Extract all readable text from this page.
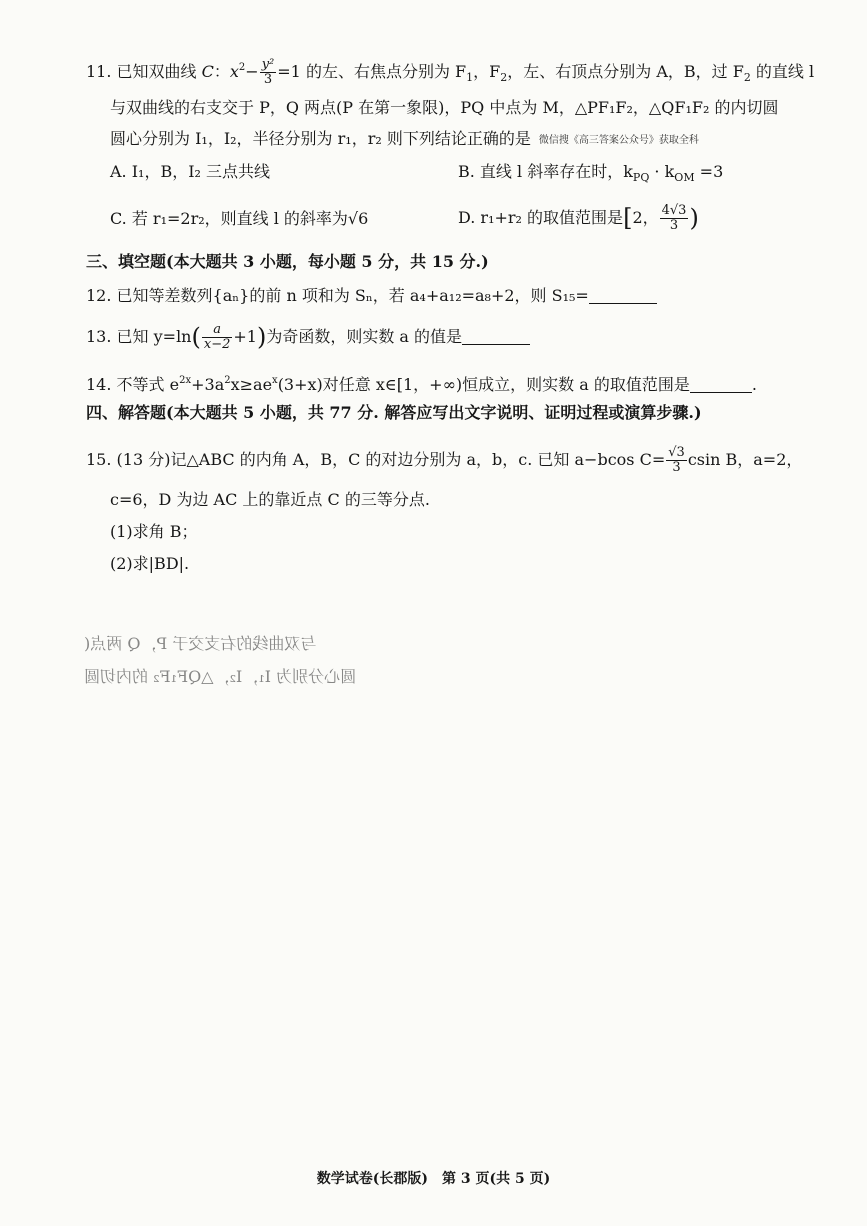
11. 已知双曲线 C：$x^2- \frac{\text{y²}}{3} =1$ 的左、右焦点分别为 $F_1$，$F_2$，左、右顶点分别为 A，B，过 $F_2$ 的直线 l
与双曲线的右支交于 P，Q 两点(P 在第一象限)，PQ 中点为 M，△PF₁F₂，△QF₁F₂ 的内切圆
圆心分别为 I₁，I₂，半径分别为 r₁，r₂ 则下列结论正确的是 微信搜《高三答案公众号》获取全科
A. I₁，B，I₂ 三点共线	B. 直线 l 斜率存在时，$k_{PQ} \cdot k_{OM} =3$
C. 若 r₁=2r₂，则直线 l 的斜率为√6	D. r₁+r₂ 的取值范围是[2， $\frac{4√3}{3}$ )
三、填空题(本大题共 3 小题，每小题 5 分，共 15 分.)
12. 已知等差数列{aₙ}的前 n 项和为 Sₙ，若 a₄+a₁₂=a₈+2，则 S₁₅=
13. 已知 $y=\ln( \frac{a}{x-2} +1)$为奇函数，则实数 a 的值是
14. 不等式 $e^{2x}+3a^2x\ge ae^x(3+x)$对任意 x∈[1，+∞)恒成立，则实数 a 的取值范围是	.
四、解答题(本大题共 5 小题，共 77 分. 解答应写出文字说明、证明过程或演算步骤.)
15. (13 分)记△ABC 的内角 A，B，C 的对边分别为 a，b，c. 已知 a−bcos $C= \frac{√3}{3}$ csin B，a=2，
c=6，D 为边 AC 上的靠近点 C 的三等分点.
(1)求角 B；
(2)求|BD|.
与双曲线的右支交于 P，Q 两点(
圆心分别为 I₁，I₂，△QF₁F₂ 的内切圆
数学试卷(长郡版)　第 3 页(共 5 页)
